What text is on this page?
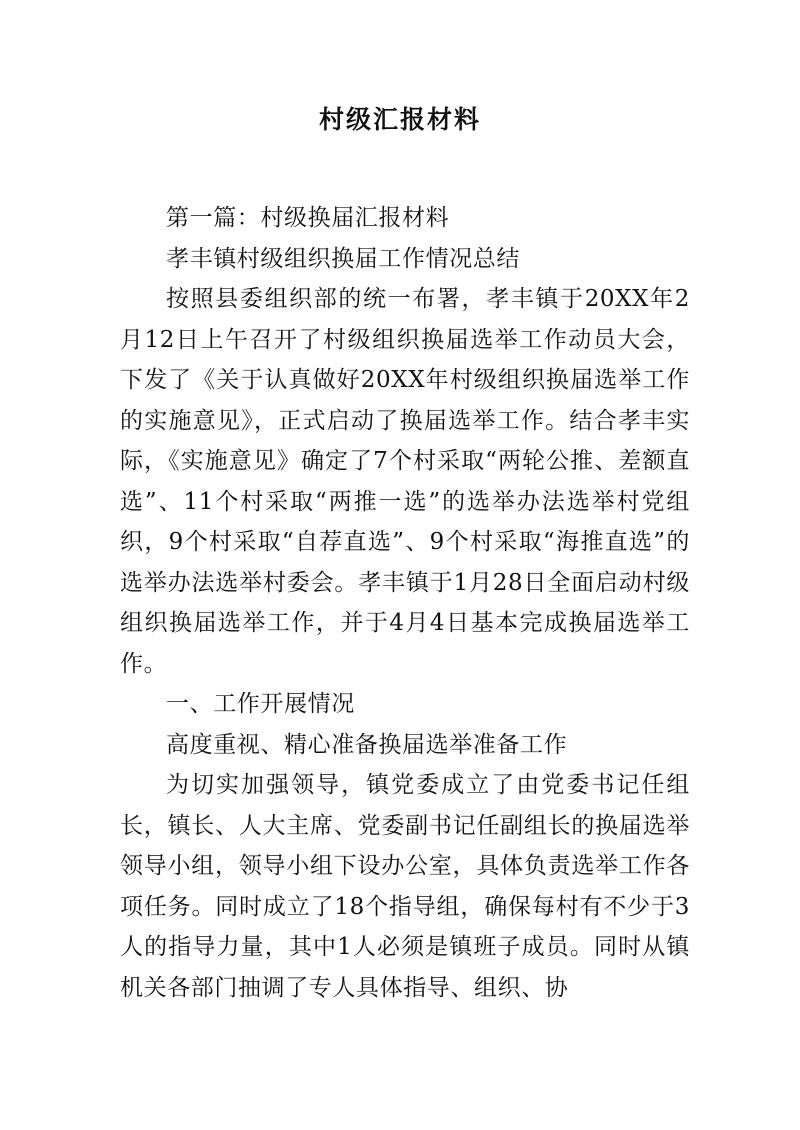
村级汇报材料

第一篇：村级换届汇报材料

孝丰镇村级组织换届工作情况总结

按照县委组织部的统一布署，孝丰镇于20XX年2月12日上午召开了村级组织换届选举工作动员大会，下发了《关于认真做好20XX年村级组织换届选举工作的实施意见》，正式启动了换届选举工作。结合孝丰实际，《实施意见》确定了7个村采取“两轮公推、差额直选”、11个村采取“两推一选”的选举办法选举村党组织，9个村采取“自荐直选”、9个村采取“海推直选”的选举办法选举村委会。孝丰镇于1月28日全面启动村级组织换届选举工作，并于4月4日基本完成换届选举工作。

一、工作开展情况

高度重视、精心准备换届选举准备工作

为切实加强领导，镇党委成立了由党委书记任组长，镇长、人大主席、党委副书记任副组长的换届选举领导小组，领导小组下设办公室，具体负责选举工作各项任务。同时成立了18个指导组，确保每村有不少于3人的指导力量，其中1人必须是镇班子成员。同时从镇机关各部门抽调了专人具体指导、组织、协
